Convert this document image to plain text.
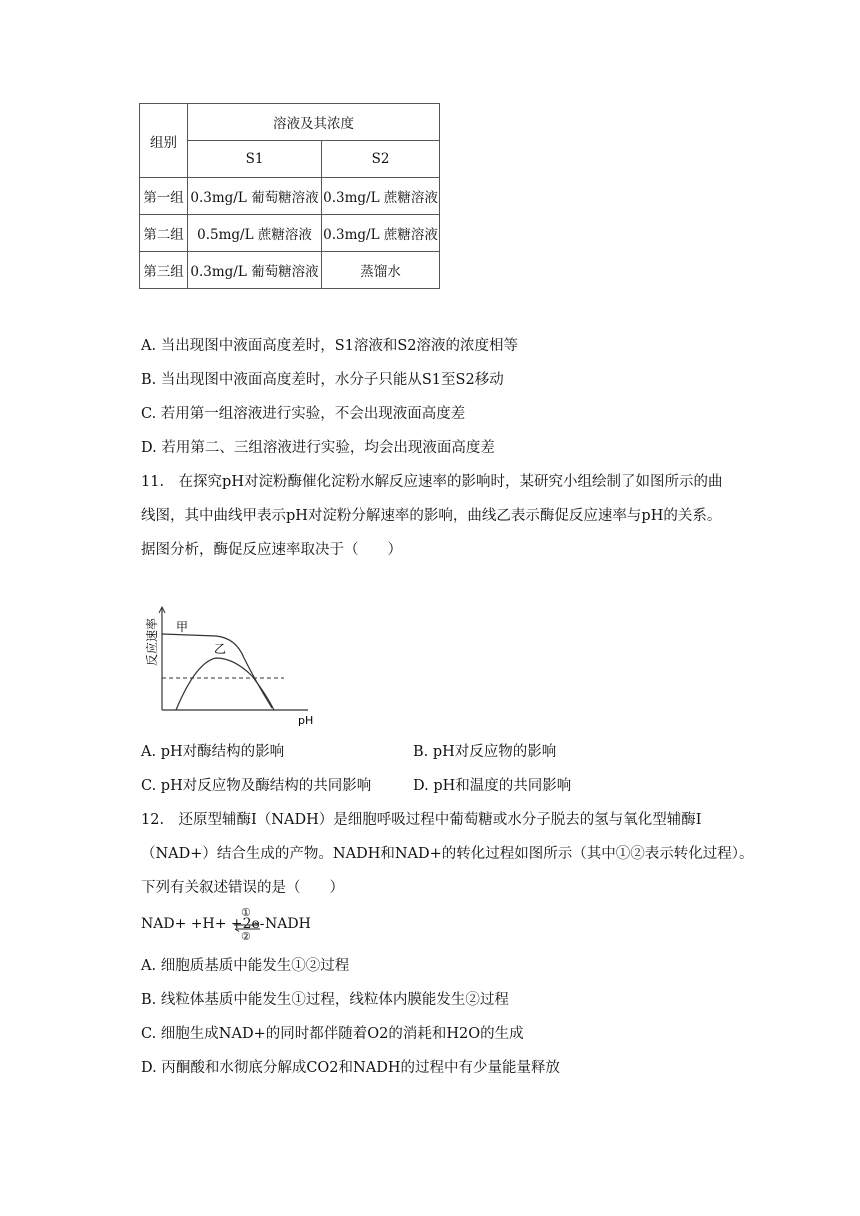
组别	溶液及其浓度	
	S1	S2
第一组	0.3mg/L 葡萄糖溶液	0.3mg/L 蔗糖溶液
第二组	0.5mg/L 蔗糖溶液	0.3mg/L 蔗糖溶液
第三组	0.3mg/L 葡萄糖溶液	蒸馏水
A. 当出现图中液面高度差时，S1溶液和S2溶液的浓度相等
B. 当出现图中液面高度差时，水分子只能从S1至S2移动
C. 若用第一组溶液进行实验，不会出现液面高度差
D. 若用第二、三组溶液进行实验，均会出现液面高度差
11.　在探究pH对淀粉酶催化淀粉水解反应速率的影响时，某研究小组绘制了如图所示的曲
线图，其中曲线甲表示pH对淀粉分解速率的影响，曲线乙表示酶促反应速率与pH的关系。
据图分析，酶促反应速率取决于（　　）
甲
乙
pH
反应速率
A. pH对酶结构的影响	B. pH对反应物的影响
C. pH对反应物及酶结构的共同影响	D. pH和温度的共同影响
12.　还原型辅酶Ⅰ（NADH）是细胞呼吸过程中葡萄糖或水分子脱去的氢与氧化型辅酶Ⅰ
（NAD+）结合生成的产物。NADH和NAD+的转化过程如图所示（其中①②表示转化过程）。
下列有关叙述错误的是（　　）
NAD+ +H+ +2e-
①
②
NADH
A. 细胞质基质中能发生①②过程
B. 线粒体基质中能发生①过程，线粒体内膜能发生②过程
C. 细胞生成NAD+的同时都伴随着O2的消耗和H2O的生成
D. 丙酮酸和水彻底分解成CO2和NADH的过程中有少量能量释放
